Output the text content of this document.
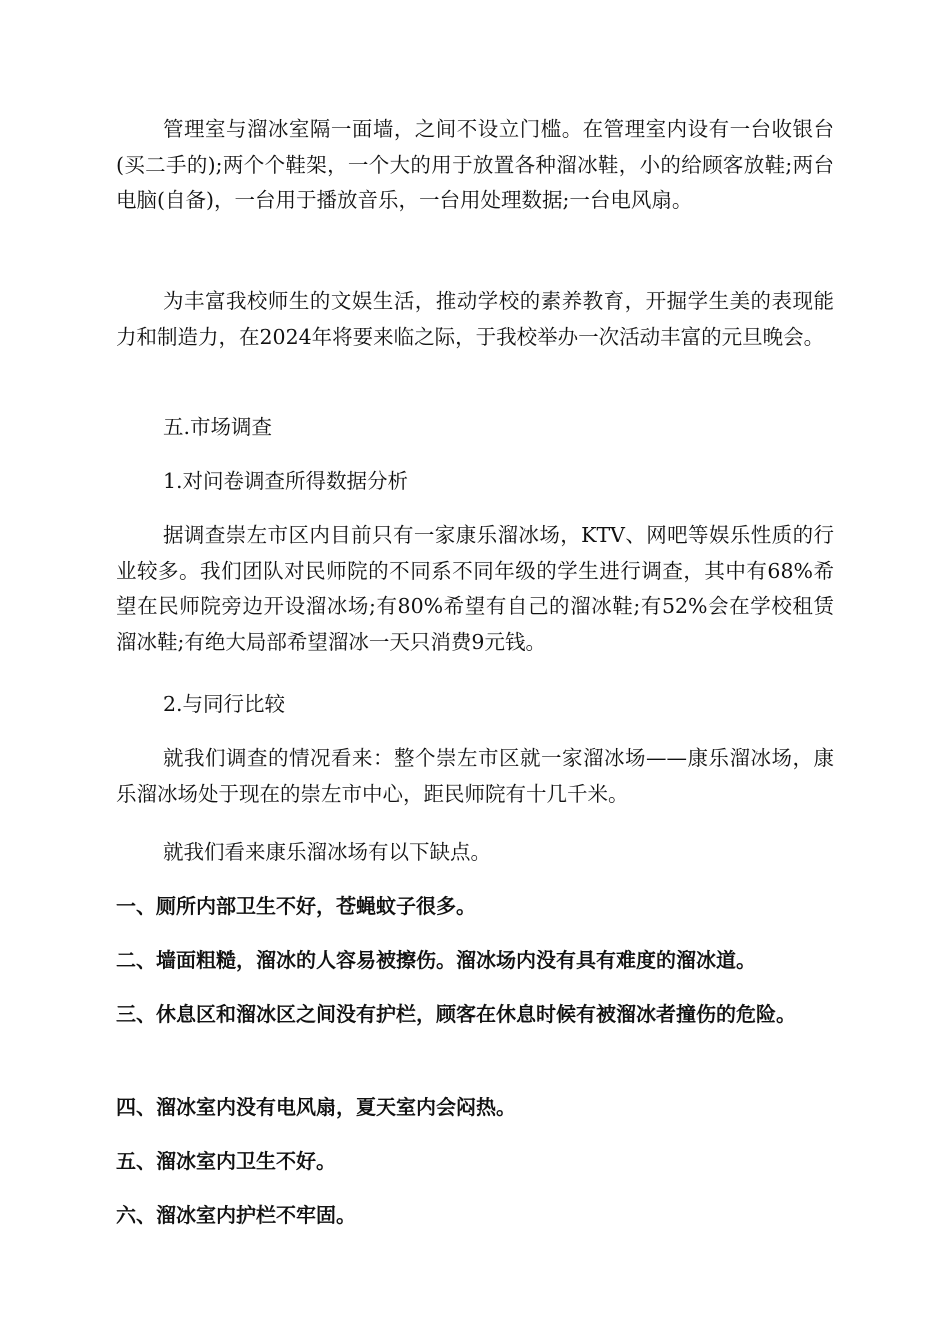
管理室与溜冰室隔一面墙，之间不设立门槛。在管理室内设有一台收银台(买二手的);两个个鞋架，一个大的用于放置各种溜冰鞋，小的给顾客放鞋;两台电脑(自备)，一台用于播放音乐，一台用处理数据;一台电风扇。

为丰富我校师生的文娱生活，推动学校的素养教育，开掘学生美的表现能力和制造力，在2024年将要来临之际，于我校举办一次活动丰富的元旦晚会。

五.市场调查

1.对问卷调查所得数据分析

据调查崇左市区内目前只有一家康乐溜冰场，KTV、网吧等娱乐性质的行业较多。我们团队对民师院的不同系不同年级的学生进行调查，其中有68%希望在民师院旁边开设溜冰场;有80%希望有自己的溜冰鞋;有52%会在学校租赁溜冰鞋;有绝大局部希望溜冰一天只消费9元钱。

2.与同行比较

就我们调查的情况看来：整个崇左市区就一家溜冰场——康乐溜冰场，康乐溜冰场处于现在的崇左市中心，距民师院有十几千米。

就我们看来康乐溜冰场有以下缺点。

一、厕所内部卫生不好，苍蝇蚊子很多。

二、墙面粗糙，溜冰的人容易被擦伤。溜冰场内没有具有难度的溜冰道。

三、休息区和溜冰区之间没有护栏，顾客在休息时候有被溜冰者撞伤的危险。

四、溜冰室内没有电风扇，夏天室内会闷热。

五、溜冰室内卫生不好。

六、溜冰室内护栏不牢固。
